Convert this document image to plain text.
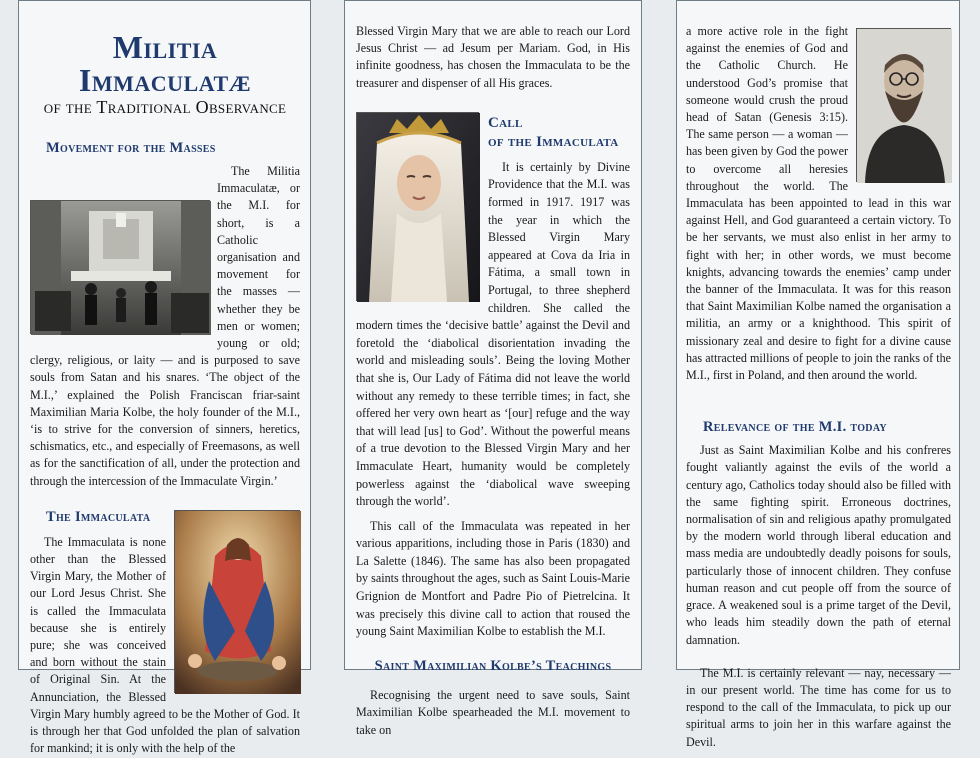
Militia Immaculatæ
of the Traditional Observance
Movement for the Masses

The Militia Immaculatæ, or the M.I. for short, is a Catholic organisation and movement for the masses — whether they be men or women; young or old; clergy, religious, or laity — and is purposed to save souls from Satan and his snares. ‘The object of the M.I.,’ explained the Polish Franciscan friar-saint Maximilian Maria Kolbe, the holy founder of the M.I., ‘is to strive for the conversion of sinners, heretics, schismatics, etc., and especially of Freemasons, as well as for the sanctification of all, under the protection and through the intercession of the Immaculate Virgin.’

The Immaculata

The Immaculata is none other than the Blessed Virgin Mary, the Mother of our Lord Jesus Christ. She is called the Immaculata because she is entirely pure; she was conceived and born without the stain of Original Sin. At the Annunciation, the Blessed Virgin Mary humbly agreed to be the Mother of God. It is through her that God unfolded the plan of salvation for mankind; it is only with the help of the

Blessed Virgin Mary that we are able to reach our Lord Jesus Christ — ad Jesum per Mariam. God, in His infinite goodness, has chosen the Immaculata to be the treasurer and dispenser of all His graces.

Call
of the Immaculata

It is certainly by Divine Providence that the M.I. was formed in 1917. 1917 was the year in which the Blessed Virgin Mary appeared at Cova da Iria in Fátima, a small town in Portugal, to three shepherd children. She called the modern times the ‘decisive battle’ against the Devil and foretold the ‘diabolical disorientation invading the world and misleading souls’. Being the loving Mother that she is, Our Lady of Fátima did not leave the world without any remedy to these terrible times; in fact, she offered her very own heart as ‘[our] refuge and the way that will lead [us] to God’. Without the powerful means of a true devotion to the Blessed Virgin Mary and her Immaculate Heart, humanity would be completely powerless against the ‘diabolical wave sweeping through the world’.

This call of the Immaculata was repeated in her various apparitions, including those in Paris (1830) and La Salette (1846). The same has also been propagated by saints throughout the ages, such as Saint Louis-Marie Grignion de Montfort and Padre Pio of Pietrelcina. It was precisely this divine call to action that roused the young Saint Maximilian Kolbe to establish the M.I.

Saint Maximilian Kolbe’s Teachings

Recognising the urgent need to save souls, Saint Maximilian Kolbe spearheaded the M.I. movement to take on

a more active role in the fight against the enemies of God and the Catholic Church. He understood God’s promise that someone would crush the proud head of Satan (Genesis 3:15). The same person — a woman — has been given by God the power to overcome all heresies throughout the world. The Immaculata has been appointed to lead in this war against Hell, and God guaranteed a certain victory. To be her servants, we must also enlist in her army to fight with her; in other words, we must become knights, advancing towards the enemies’ camp under the banner of the Immaculata. It was for this reason that Saint Maximilian Kolbe named the organisation a militia, an army or a knighthood. This spirit of missionary zeal and desire to fight for a divine cause has attracted millions of people to join the ranks of the M.I., first in Poland, and then around the world.

Relevance of the M.I. today

Just as Saint Maximilian Kolbe and his confreres fought valiantly against the evils of the world a century ago, Catholics today should also be filled with the same fighting spirit. Erroneous doctrines, normalisation of sin and religious apathy promulgated by the modern world through liberal education and mass media are undoubtedly deadly poisons for souls, particularly those of innocent children. They confuse human reason and cut people off from the source of grace. A weakened soul is a prime target of the Devil, who leads him steadily down the path of eternal damnation.

The M.I. is certainly relevant — nay, necessary — in our present world. The time has come for us to respond to the call of the Immaculata, to pick up our spiritual arms to join her in this warfare against the Devil.
